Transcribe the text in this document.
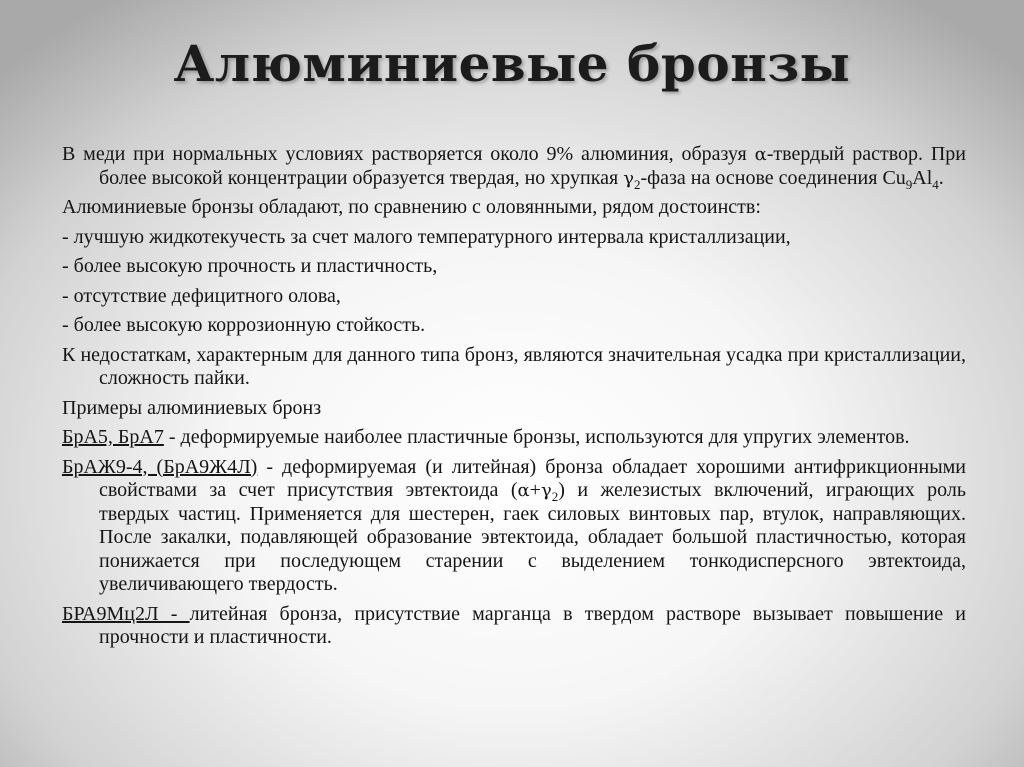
Алюминиевые бронзы

В меди при нормальных условиях растворяется около 9% алюминия, образуя α-твердый раствор. При более высокой концентрации образуется твердая, но хрупкая $\gamma_2$-фаза на основе соединения $Cu_9Al_4$.

Алюминиевые бронзы обладают, по сравнению с оловянными, рядом достоинств:

- лучшую жидкотекучесть за счет малого температурного интервала кристаллизации,

- более высокую прочность и пластичность,

- отсутствие дефицитного олова,

- более высокую коррозионную стойкость.

К недостаткам, характерным для данного типа бронз, являются значительная усадка при кристаллизации, сложность пайки.

Примеры алюминиевых бронз

БрА5, БрА7 - деформируемые наиболее пластичные бронзы, используются для упругих элементов.

БрАЖ9-4, (БрА9Ж4Л) - деформируемая (и литейная) бронза обладает хорошими антифрикционными свойствами за счет присутствия эвтектоида $(\alpha+\gamma_2)$ и железистых включений, играющих роль твердых частиц. Применяется для шестерен, гаек силовых винтовых пар, втулок, направляющих. После закалки, подавляющей образование эвтектоида, обладает большой пластичностью, которая понижается при последующем старении с выделением тонкодисперсного эвтектоида, увеличивающего твердость.

БРА9Мц2Л - литейная бронза, присутствие марганца в твердом растворе вызывает повышение и прочности и пластичности.
